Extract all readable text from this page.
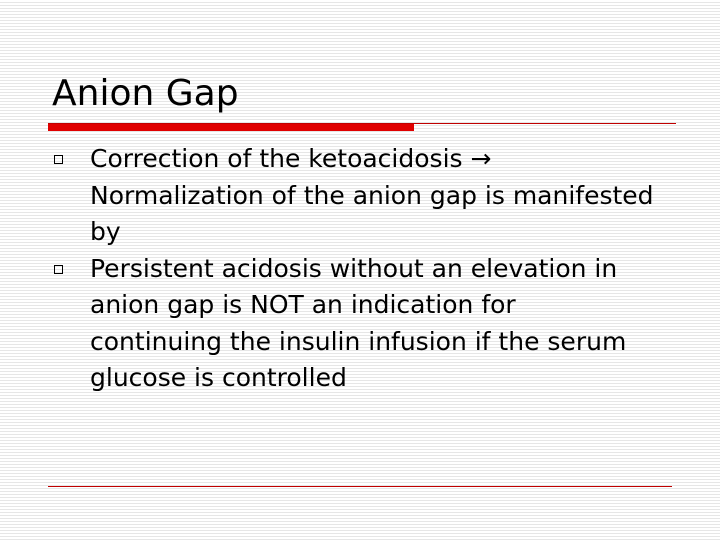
Anion Gap
Correction of the ketoacidosis → Normalization of the anion gap is manifested by
Persistent acidosis without an elevation in anion gap is NOT an indication for continuing the insulin infusion if the serum glucose is controlled
